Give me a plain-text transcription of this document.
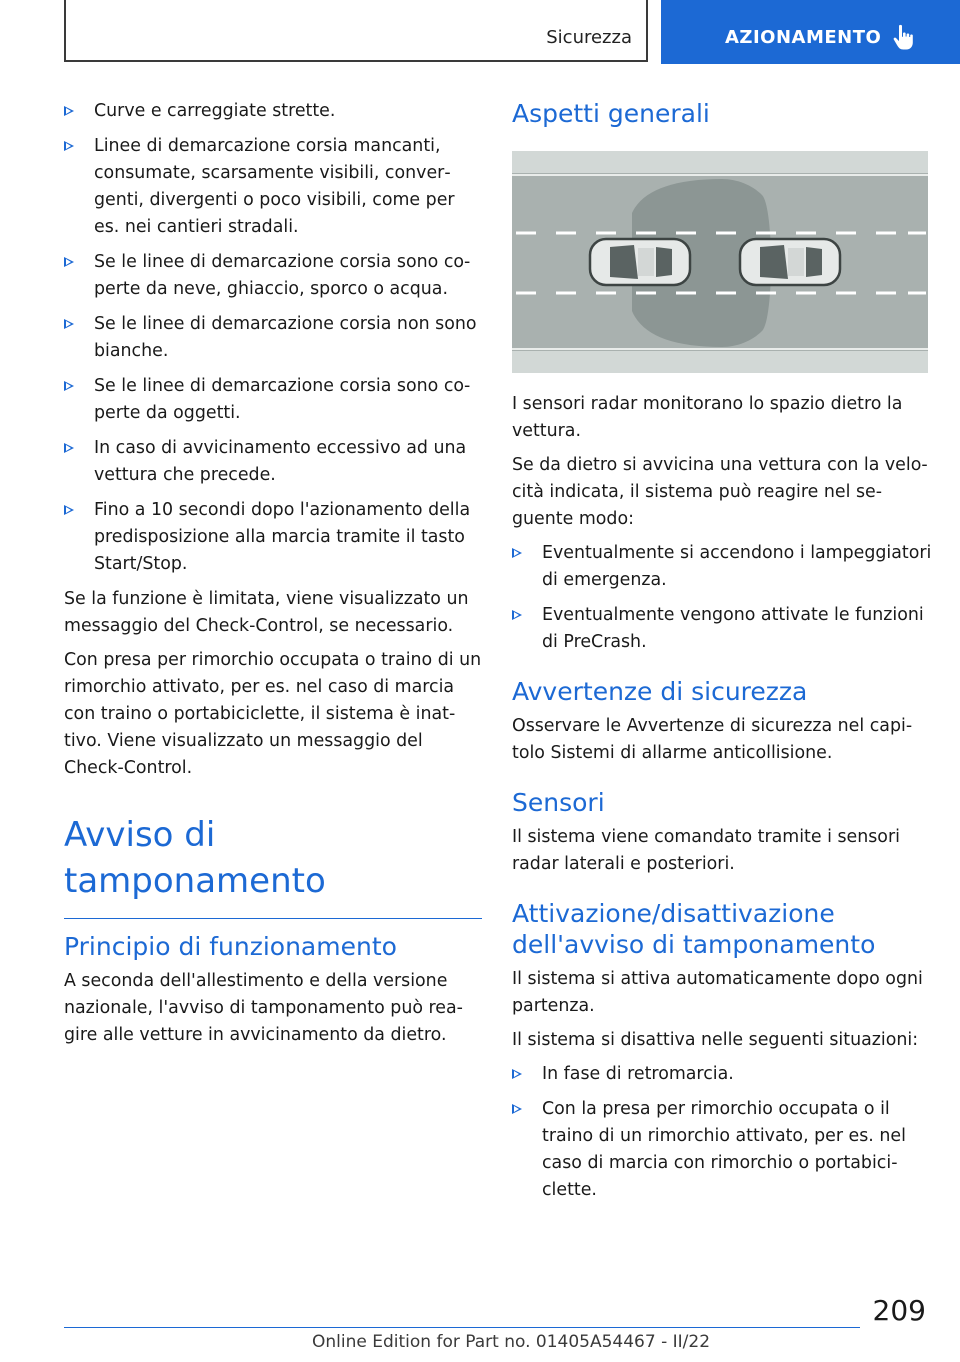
Sicurezza	AZIONAMENTO
Curve e carreggiate strette.
Linee di demarcazione corsia mancanti, consumate, scarsamente visibili, convergenti, divergenti o poco visibili, come per es. nei cantieri stradali.
Se le linee di demarcazione corsia sono coperte da neve, ghiaccio, sporco o acqua.
Se le linee di demarcazione corsia non sono bianche.
Se le linee di demarcazione corsia sono coperte da oggetti.
In caso di avvicinamento eccessivo ad una vettura che precede.
Fino a 10 secondi dopo l'azionamento della predisposizione alla marcia tramite il tasto Start/Stop.

Se la funzione è limitata, viene visualizzato un messaggio del Check-Control, se necessario.

Con presa per rimorchio occupata o traino di un rimorchio attivato, per es. nel caso di marcia con traino o portabiciclette, il sistema è inattivo. Viene visualizzato un messaggio del Check-Control.

Avviso di tamponamento
Principio di funzionamento

A seconda dell'allestimento e della versione nazionale, l'avviso di tamponamento può reagire alle vetture in avvicinamento da dietro.

Aspetti generali

I sensori radar monitorano lo spazio dietro la vettura.

Se da dietro si avvicina una vettura con la velocità indicata, il sistema può reagire nel seguente modo:

Eventualmente si accendono i lampeggiatori di emergenza.
Eventualmente vengono attivate le funzioni di PreCrash.
Avvertenze di sicurezza

Osservare le Avvertenze di sicurezza nel capitolo Sistemi di allarme anticollisione.

Sensori

Il sistema viene comandato tramite i sensori radar laterali e posteriori.

Attivazione/disattivazione dell'avviso di tamponamento

Il sistema si attiva automaticamente dopo ogni partenza.

Il sistema si disattiva nelle seguenti situazioni:

In fase di retromarcia.
Con la presa per rimorchio occupata o il traino di un rimorchio attivato, per es. nel caso di marcia con rimorchio o portabiciclette.
209
Online Edition for Part no. 01405A54467 - II/22
